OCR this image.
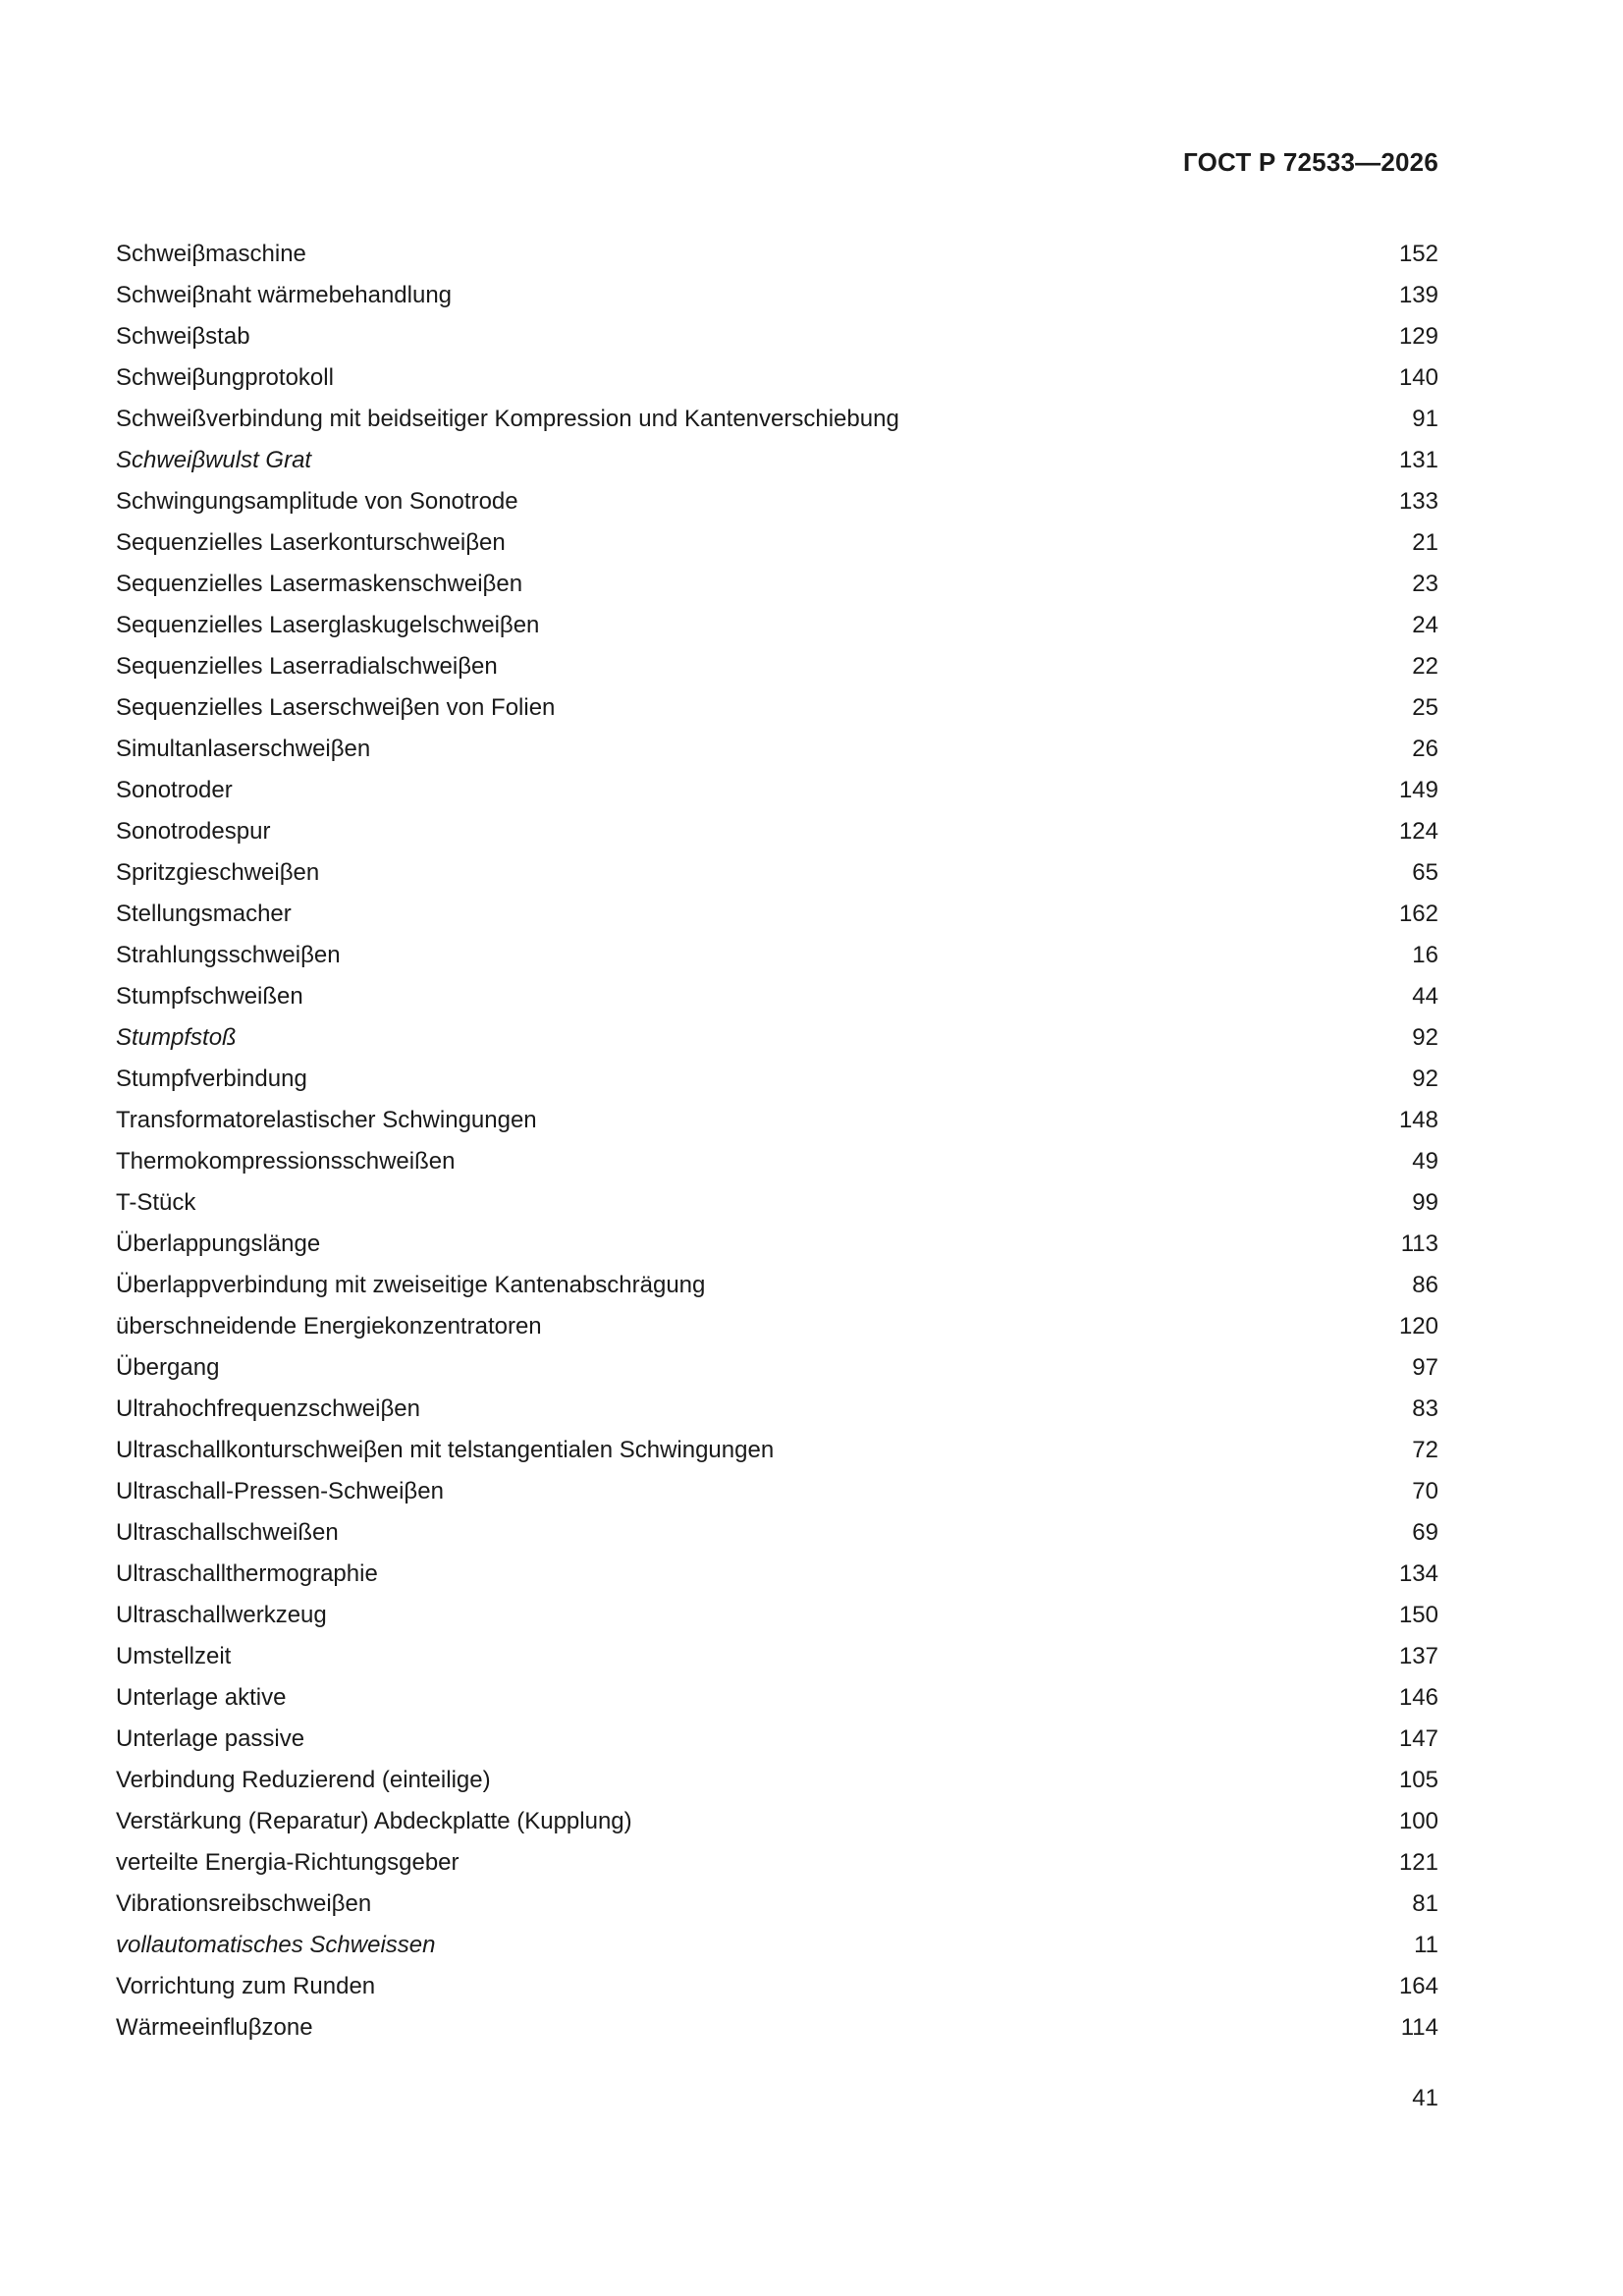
ГОСТ Р 72533—2026
Schweiβmaschine	152
Schweiβnaht wärmebehandlung	139
Schweiβstab	129
Schweiβungprotokoll	140
Schweißverbindung mit beidseitiger Kompression und Kantenverschiebung	91
Schweiβwulst Grat	131
Schwingungsamplitude von Sonotrode	133
Sequenzielles Laserkonturschweiβen	21
Sequenzielles Lasermaskenschweiβen	23
Sequenzielles Laserglaskugelschweiβen	24
Sequenzielles Laserradialschweiβen	22
Sequenzielles Laserschweiβen von Folien	25
Simultanlaserschweiβen	26
Sonotroder	149
Sonotrodespur	124
Spritzgieschweiβen	65
Stellungsmacher	162
Strahlungsschweiβen	16
Stumpfschweißen	44
Stumpfstoß	92
Stumpfverbindung	92
Transformatorelastischer Schwingungen	148
Thermokompressionsschweißen	49
T-Stück	99
Überlappungslänge	113
Überlappverbindung mit zweiseitige Kantenabschrägung	86
überschneidende Energiekonzentratoren	120
Übergang	97
Ultrahochfrequenzschweiβen	83
Ultraschallkonturschweiβen mit telstangentialen Schwingungen	72
Ultraschall-Pressen-Schweiβen	70
Ultraschallschweißen	69
Ultraschallthermographie	134
Ultraschallwerkzeug	150
Umstellzeit	137
Unterlage aktive	146
Unterlage passive	147
Verbindung Reduzierend (einteilige)	105
Verstärkung (Reparatur) Abdeckplatte (Kupplung)	100
verteilte Energia-Richtungsgeber	121
Vibrationsreibschweiβen	81
vollautomatisches Schweissen	11
Vorrichtung zum Runden	164
Wärmeeinfluβzone	114
41
